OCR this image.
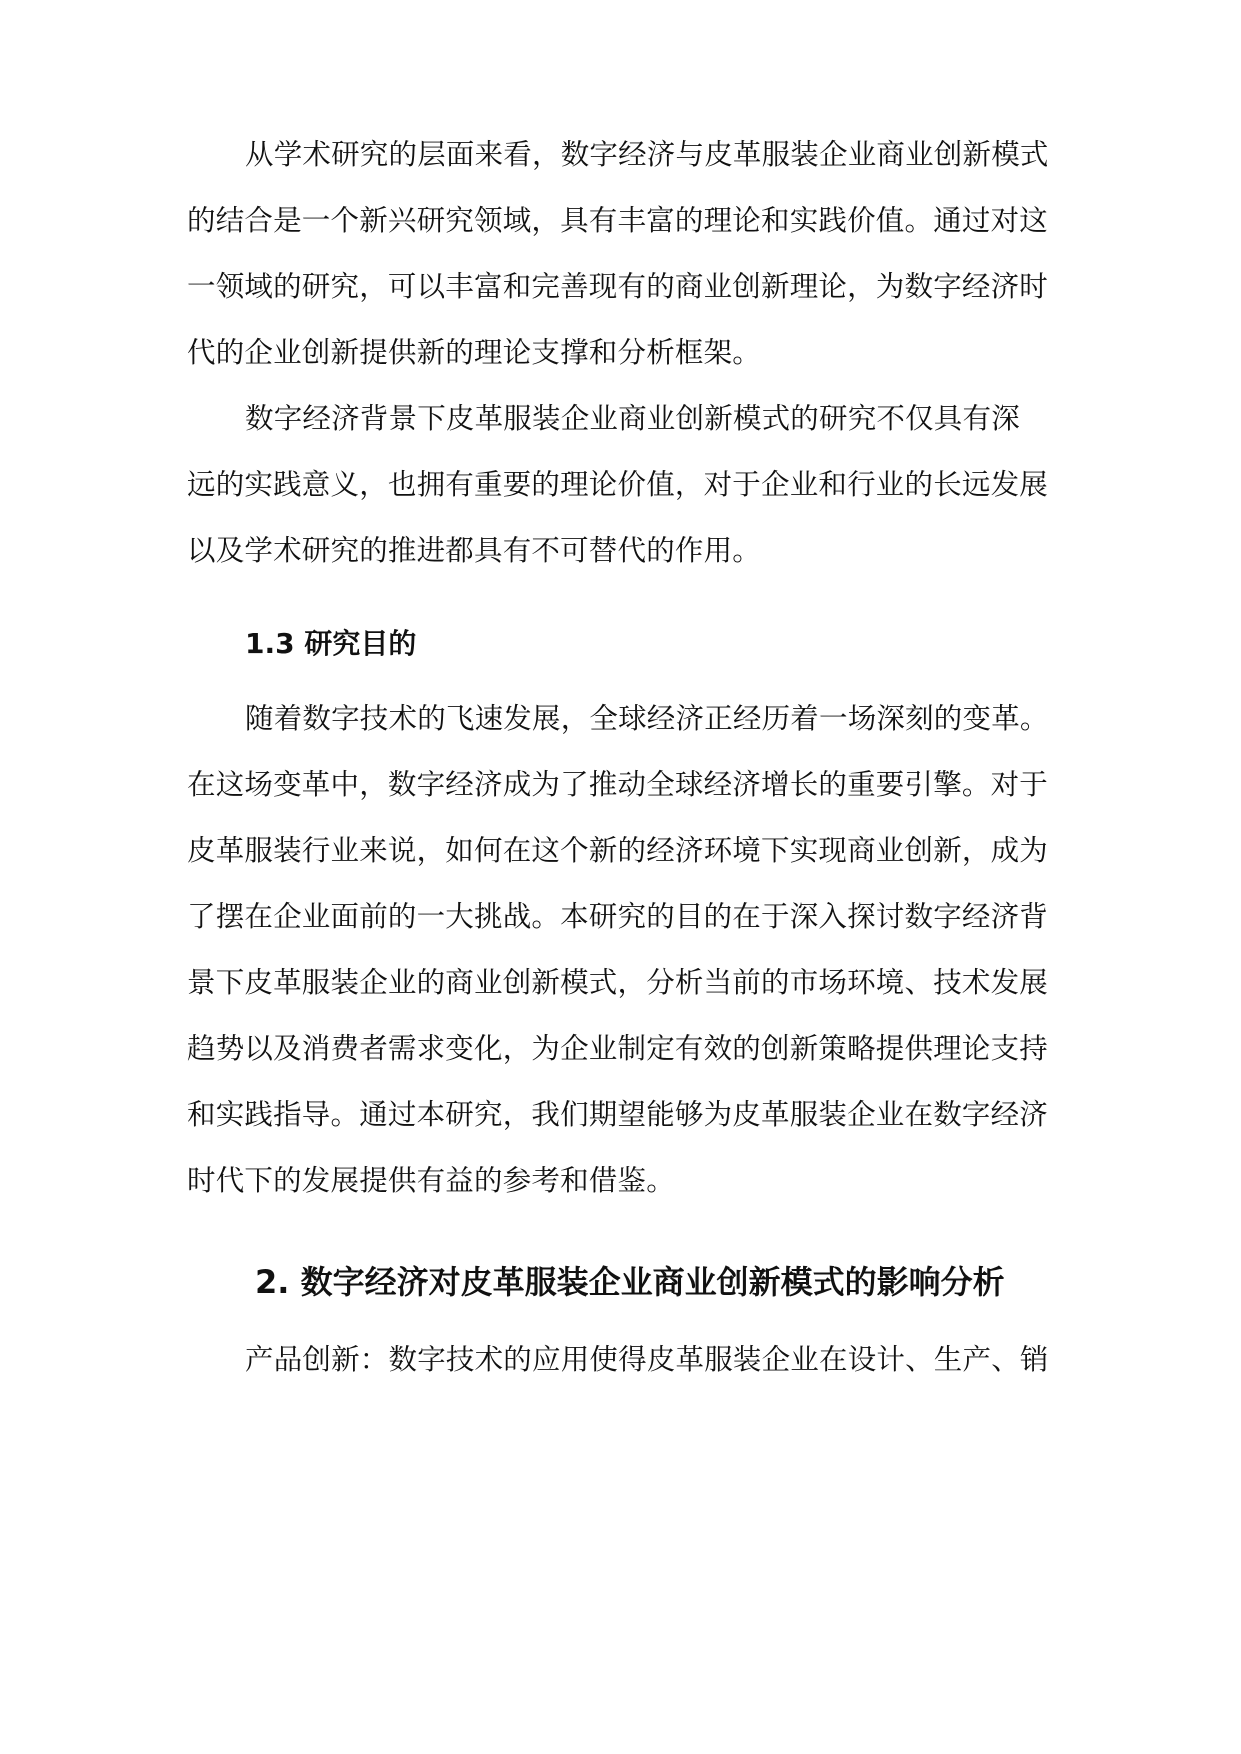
从学术研究的层面来看，数字经济与皮革服装企业商业创新模式
的结合是一个新兴研究领域，具有丰富的理论和实践价值。通过对这
一领域的研究，可以丰富和完善现有的商业创新理论，为数字经济时
代的企业创新提供新的理论支撑和分析框架。
数字经济背景下皮革服装企业商业创新模式的研究不仅具有深
远的实践意义，也拥有重要的理论价值，对于企业和行业的长远发展
以及学术研究的推进都具有不可替代的作用。
1.3 研究目的
随着数字技术的飞速发展，全球经济正经历着一场深刻的变革。
在这场变革中，数字经济成为了推动全球经济增长的重要引擎。对于
皮革服装行业来说，如何在这个新的经济环境下实现商业创新，成为
了摆在企业面前的一大挑战。本研究的目的在于深入探讨数字经济背
景下皮革服装企业的商业创新模式，分析当前的市场环境、技术发展
趋势以及消费者需求变化，为企业制定有效的创新策略提供理论支持
和实践指导。通过本研究，我们期望能够为皮革服装企业在数字经济
时代下的发展提供有益的参考和借鉴。
2. 数字经济对皮革服装企业商业创新模式的影响分析
产品创新：数字技术的应用使得皮革服装企业在设计、生产、销
